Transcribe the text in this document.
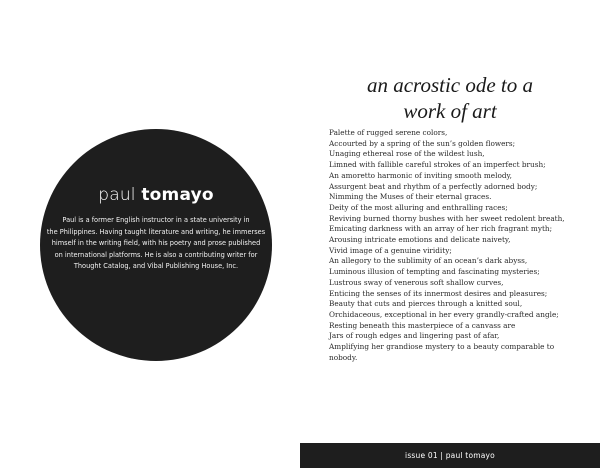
paul tomayo
Paul is a former English instructor in a state university in
the Philippines. Having taught literature and writing, he immerses
himself in the writing field, with his poetry and prose published
on international platforms. He is also a contributing writer for
Thought Catalog, and Vibal Publishing House, Inc.
an acrostic ode to a
work of art
Palette of rugged serene colors,
Accourted by a spring of the sun’s golden flowers;
Unaging ethereal rose of the wildest lush,
Limned with fallible careful strokes of an imperfect brush;
An amoretto harmonic of inviting smooth melody,
Assurgent beat and rhythm of a perfectly adorned body;
Nimming the Muses of their eternal graces.
Deity of the most alluring and enthralling races;
Reviving burned thorny bushes with her sweet redolent breath,
Emicating darkness with an array of her rich fragrant myth;
Arousing intricate emotions and delicate naivety,
Vivid image of a genuine viridity;
An allegory to the sublimity of an ocean’s dark abyss,
Luminous illusion of tempting and fascinating mysteries;
Lustrous sway of venerous soft shallow curves,
Enticing the senses of its innermost desires and pleasures;
Beauty that cuts and pierces through a knitted soul,
Orchidaceous, exceptional in her every grandly-crafted angle;
Resting beneath this masterpiece of a canvass are
Jars of rough edges and lingering past of afar,
Amplifying her grandiose mystery to a beauty comparable to
nobody.
issue 01 | paul tomayo
